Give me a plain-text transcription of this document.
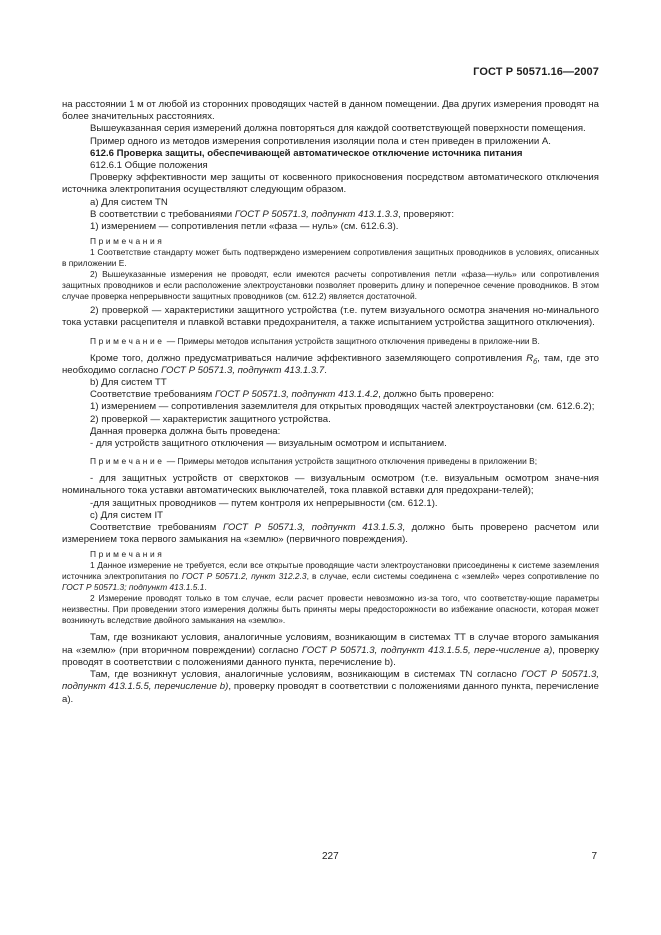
ГОСТ Р 50571.16—2007

на расстоянии 1 м от любой из сторонних проводящих частей в данном помещении. Два других измерения проводят на более значительных расстояниях.

Вышеуказанная серия измерений должна повторяться для каждой соответствующей поверхности помещения.

Пример одного из методов измерения сопротивления изоляции пола и стен приведен в приложении А.

612.6 Проверка защиты, обеспечивающей автоматическое отключение источника питания

612.6.1 Общие положения

Проверку эффективности мер защиты от косвенного прикосновения посредством автоматического отключения источника электропитания осуществляют следующим образом.

а) Для систем TN

В соответствии с требованиями ГОСТ Р 50571.3, подпункт 413.1.3.3, проверяют:

1) измерением — сопротивления петли «фаза — нуль» (см. 612.6.3).

Примечания

1 Соответствие стандарту может быть подтверждено измерением сопротивления защитных проводников в условиях, описанных в приложении Е.

2) Вышеуказанные измерения не проводят, если имеются расчеты сопротивления петли «фаза—нуль» или сопротивления защитных проводников и если расположение электроустановки позволяет проверить длину и поперечное сечение проводников. В этом случае проверка непрерывности защитных проводников (см. 612.2) является достаточной.

2) проверкой — характеристики защитного устройства (т.е. путем визуального осмотра значения но-минального тока уставки расцепителя и плавкой вставки предохранителя, а также испытанием устройства защитного отключения).

Примечание — Примеры методов испытания устройств защитного отключения приведены в приложе-нии В.

Кроме того, должно предусматриваться наличие эффективного заземляющего сопротивления $R_б$, там, где это необходимо согласно ГОСТ Р 50571.3, подпункт 413.1.3.7.

b) Для систем ТТ

Соответствие требованиям ГОСТ Р 50571.3, подпункт 413.1.4.2, должно быть проверено:

1) измерением — сопротивления заземлителя для открытых проводящих частей электроустановки (см. 612.6.2);

2) проверкой — характеристик защитного устройства.

Данная проверка должна быть проведена:

- для устройств защитного отключения — визуальным осмотром и испытанием.

Примечание — Примеры методов испытания устройств защитного отключения приведены в приложении В;

- для защитных устройств от сверхтоков — визуальным осмотром (т.е. визуальным осмотром значе-ния номинального тока уставки автоматических выключателей, тока плавкой вставки для предохрани-телей);

-для защитных проводников — путем контроля их непрерывности (см. 612.1).

с) Для систем IT

Соответствие требованиям ГОСТ Р 50571.3, подпункт 413.1.5.3, должно быть проверено расчетом или измерением тока первого замыкания на «землю» (первичного повреждения).

Примечания

1 Данное измерение не требуется, если все открытые проводящие части электроустановки присоединены к системе заземления источника электропитания по ГОСТ Р 50571.2, пункт 312.2.3, в случае, если системы соединена с «землей» через сопротивление по ГОСТ Р 50571.3; подпункт 413.1.5.1.

2 Измерение проводят только в том случае, если расчет провести невозможно из-за того, что соответству-ющие параметры неизвестны. При проведении этого измерения должны быть приняты меры предосторожности во избежание опасности, которая может возникнуть вследствие двойного замыкания на «землю».

Там, где возникают условия, аналогичные условиям, возникающим в системах ТТ в случае второго замыкания на «землю» (при вторичном повреждении) согласно ГОСТ Р 50571.3, подпункт 413.1.5.5, пере-числение а), проверку проводят в соответствии с положениями данного пункта, перечисление b).

Там, где возникнут условия, аналогичные условиям, возникающим в системах TN согласно ГОСТ Р 50571.3, подпункт 413.1.5.5, перечисление b), проверку проводят в соответствии с положениями данного пункта, перечисление а).

227	7
